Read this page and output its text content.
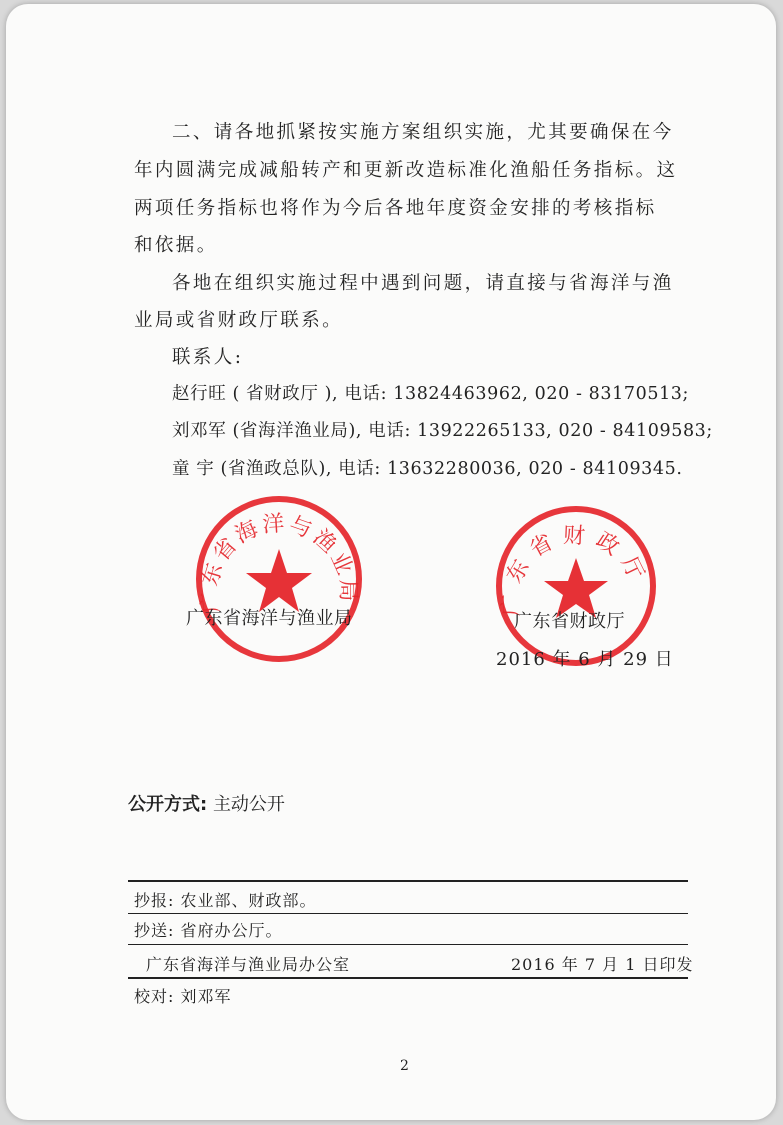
二、请各地抓紧按实施方案组织实施，尤其要确保在今
年内圆满完成减船转产和更新改造标准化渔船任务指标。这
两项任务指标也将作为今后各地年度资金安排的考核指标
和依据。
各地在组织实施过程中遇到问题，请直接与省海洋与渔
业局或省财政厅联系。
联系人:
赵行旺 ( 省财政厅 ), 电话: 13824463962, 020 - 83170513;
刘邓军 (省海洋渔业局), 电话: 13922265133, 020 - 84109583;
童 宇 (省渔政总队), 电话: 13632280036, 020 - 84109345.
广东省海洋与渔业局	广东省财政厅
广东省海洋与渔业局	广东省财政厅
2016 年 6 月 29 日
公开方式: 主动公开
抄报: 农业部、财政部。
抄送: 省府办公厅。
广东省海洋与渔业局办公室	2016 年 7 月 1 日印发
校对: 刘邓军
2
